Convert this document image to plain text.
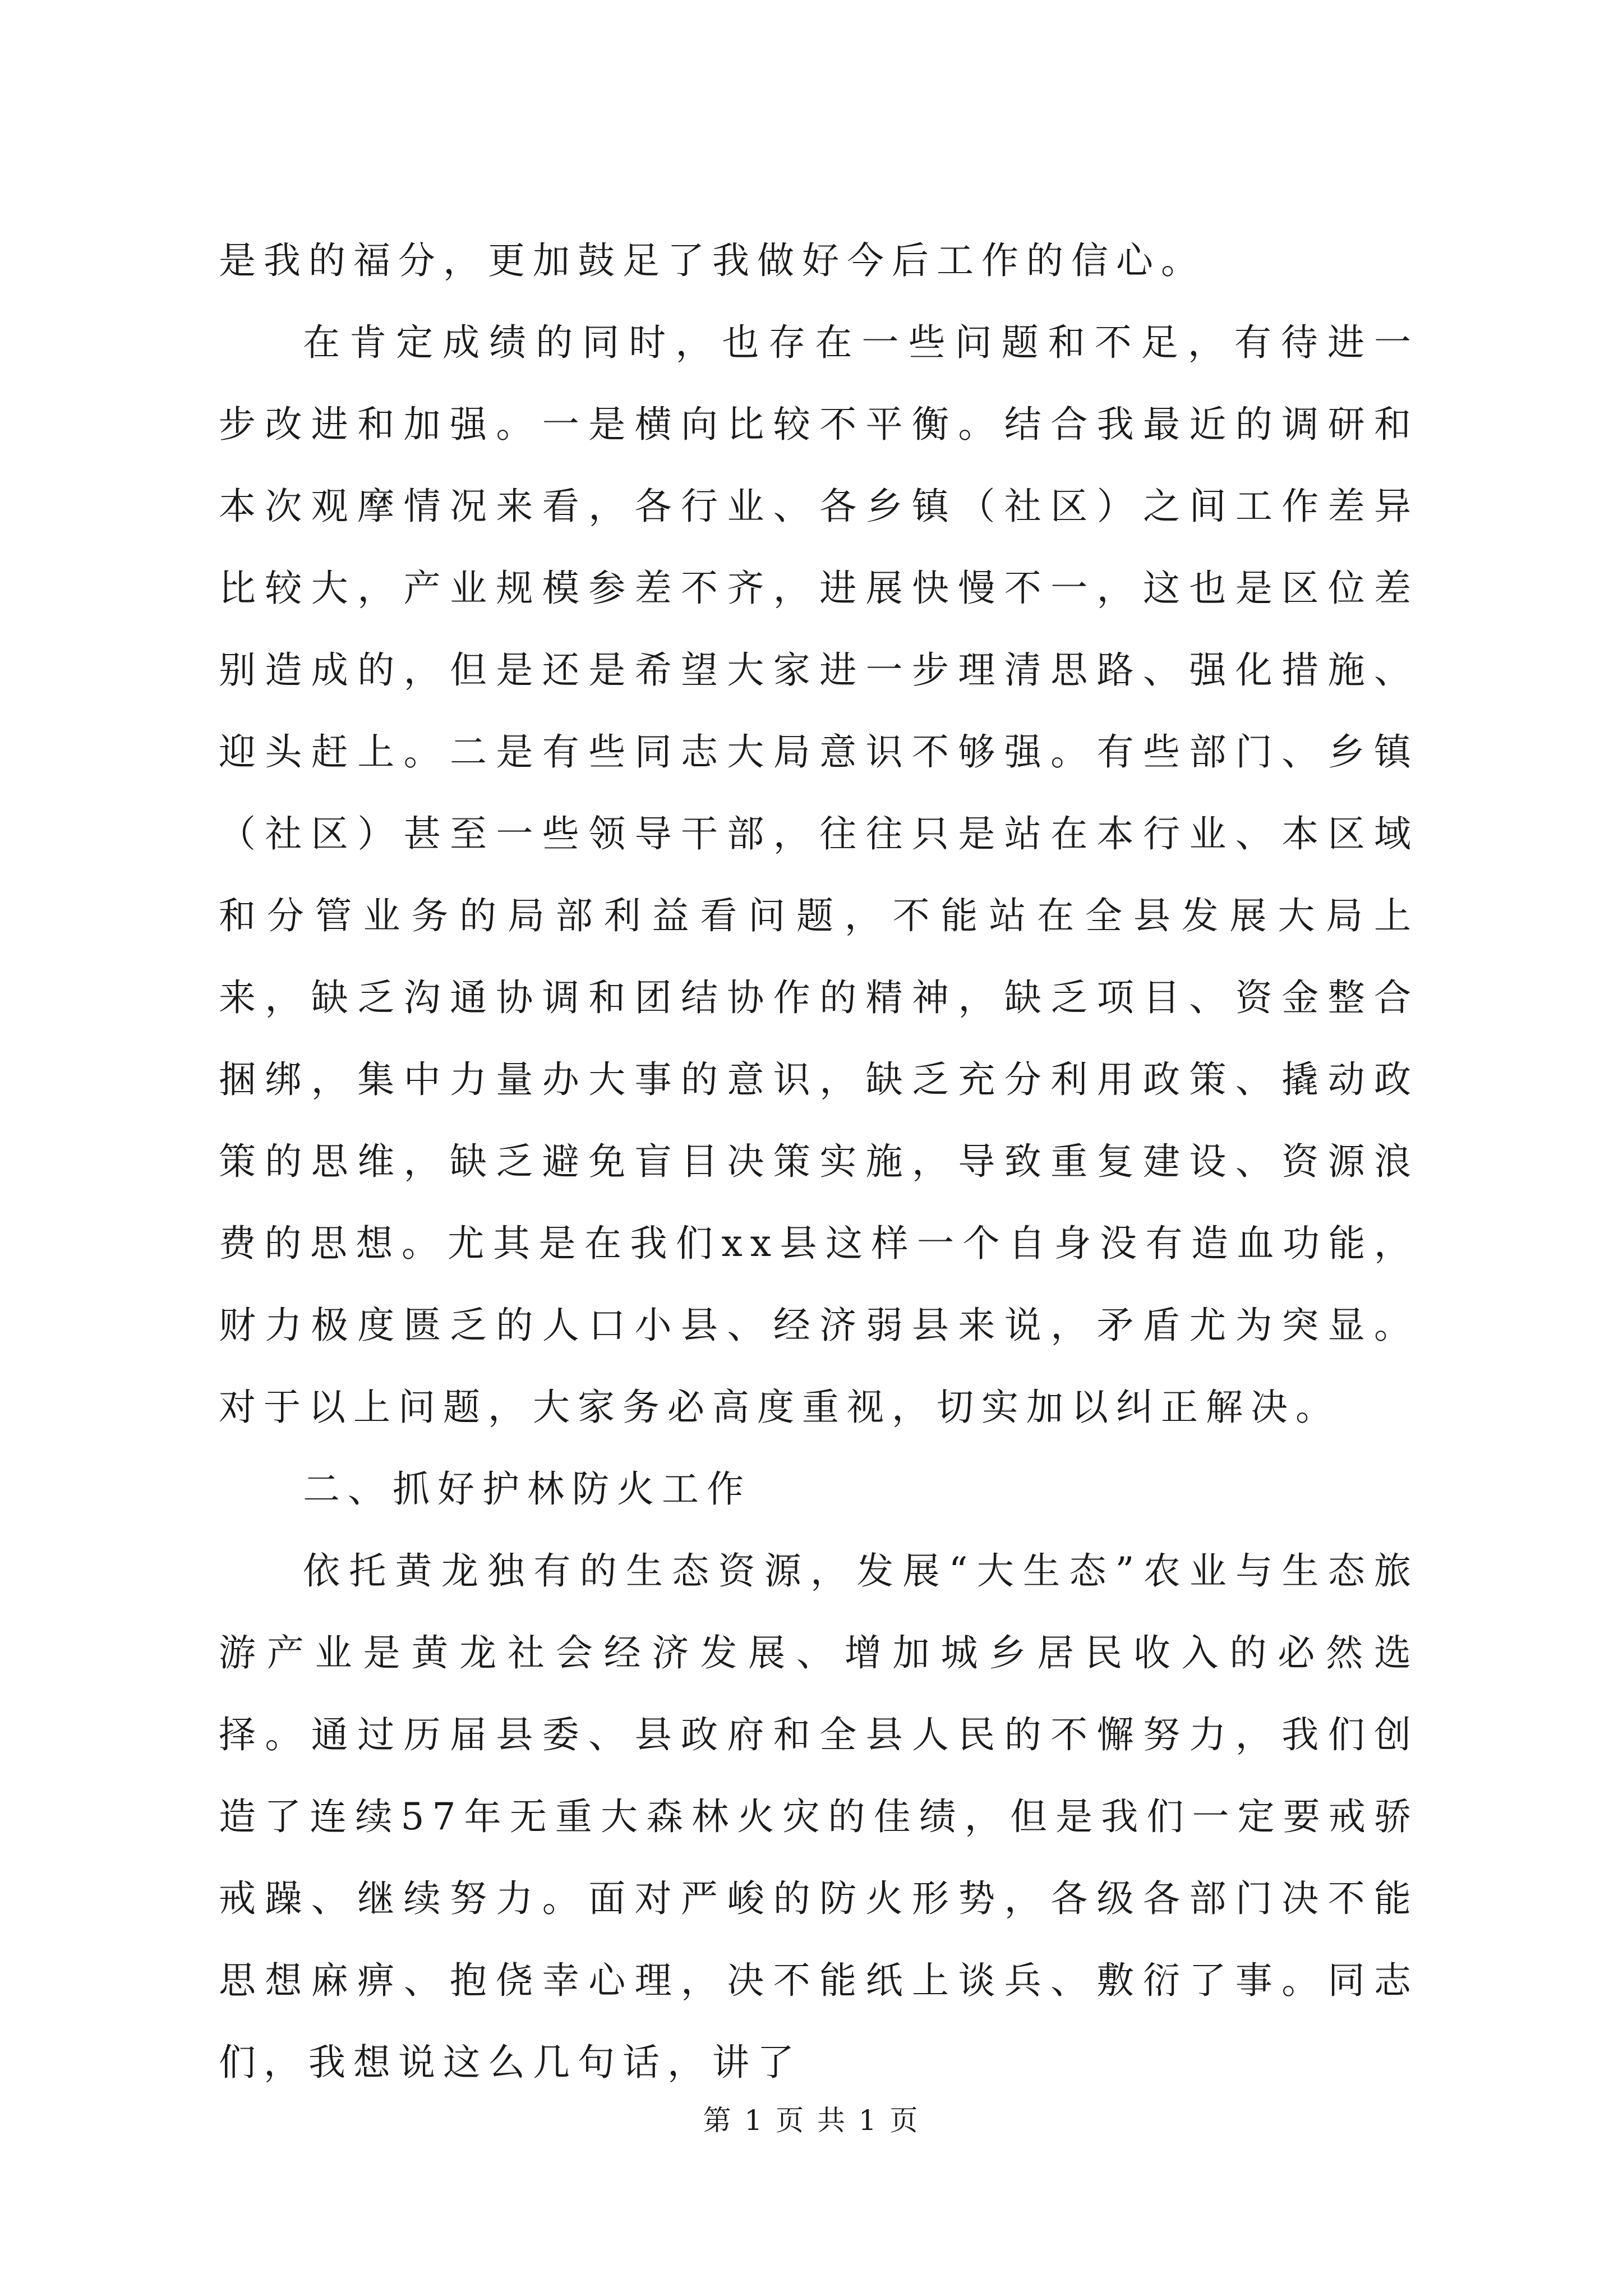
是我的福分，更加鼓足了我做好今后工作的信心。

在肯定成绩的同时，也存在一些问题和不足，有待进一步改进和加强。一是横向比较不平衡。结合我最近的调研和本次观摩情况来看，各行业、各乡镇（社区）之间工作差异比较大，产业规模参差不齐，进展快慢不一，这也是区位差别造成的，但是还是希望大家进一步理清思路、强化措施、迎头赶上。二是有些同志大局意识不够强。有些部门、乡镇（社区）甚至一些领导干部，往往只是站在本行业、本区域和分管业务的局部利益看问题，不能站在全县发展大局上来，缺乏沟通协调和团结协作的精神，缺乏项目、资金整合捆绑，集中力量办大事的意识，缺乏充分利用政策、撬动政策的思维，缺乏避免盲目决策实施，导致重复建设、资源浪费的思想。尤其是在我们xx县这样一个自身没有造血功能，财力极度匮乏的人口小县、经济弱县来说，矛盾尤为突显。对于以上问题，大家务必高度重视，切实加以纠正解决。

二、抓好护林防火工作

依托黄龙独有的生态资源，发展“大生态”农业与生态旅游产业是黄龙社会经济发展、增加城乡居民收入的必然选择。通过历届县委、县政府和全县人民的不懈努力，我们创造了连续57年无重大森林火灾的佳绩，但是我们一定要戒骄戒躁、继续努力。面对严峻的防火形势，各级各部门决不能思想麻痹、抱侥幸心理，决不能纸上谈兵、敷衍了事。同志们，我想说这么几句话，讲了

第 1 页 共 1 页
